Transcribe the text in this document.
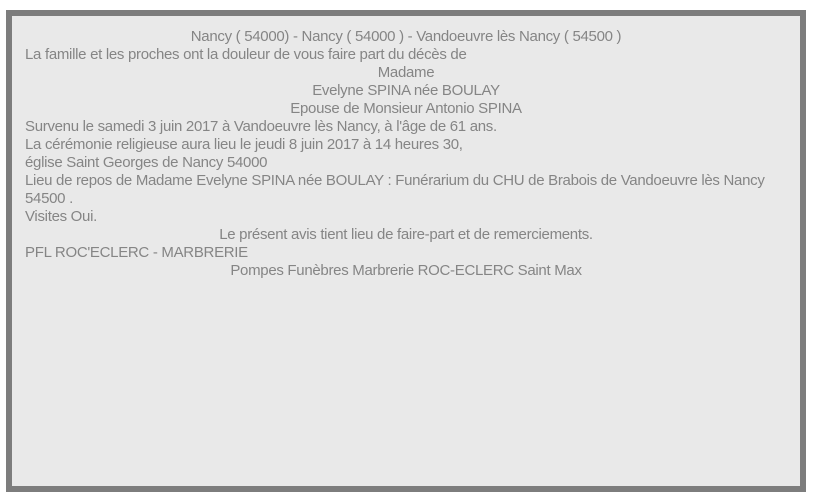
Nancy ( 54000) - Nancy ( 54000 ) - Vandoeuvre lès Nancy ( 54500 )

La famille et les proches ont la douleur de vous faire part du décès de

Madame

Evelyne SPINA née BOULAY

Epouse de Monsieur Antonio SPINA

Survenu le samedi 3 juin 2017 à Vandoeuvre lès Nancy, à l'âge de 61 ans.

La cérémonie religieuse aura lieu le jeudi 8 juin 2017 à 14 heures 30,
église Saint Georges de Nancy 54000

Lieu de repos de Madame Evelyne SPINA née BOULAY : Funérarium du CHU de Brabois de Vandoeuvre lès Nancy
54500 .

Visites Oui.

Le présent avis tient lieu de faire-part et de remerciements.

PFL ROC'ECLERC - MARBRERIE

Pompes Funèbres Marbrerie ROC-ECLERC Saint Max
